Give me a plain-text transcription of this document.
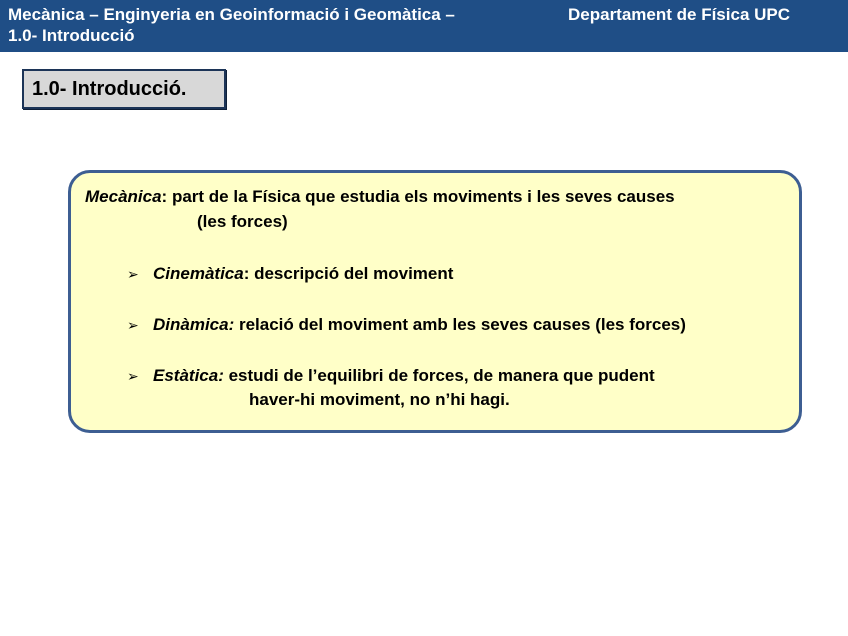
Mecànica – Enginyeria en Geoinformació i Geomàtica –	Departament de Física UPC
1.0- Introducció
1.0- Introducció.
Mecànica: part de la Física que estudia els moviments i les seves causes
(les forces)
➢ Cinemàtica: descripció del moviment
➢ Dinàmica: relació del moviment amb les seves causes (les forces)
➢ Estàtica: estudi de l’equilibri de forces, de manera que pudent
haver-hi moviment, no n’hi hagi.
